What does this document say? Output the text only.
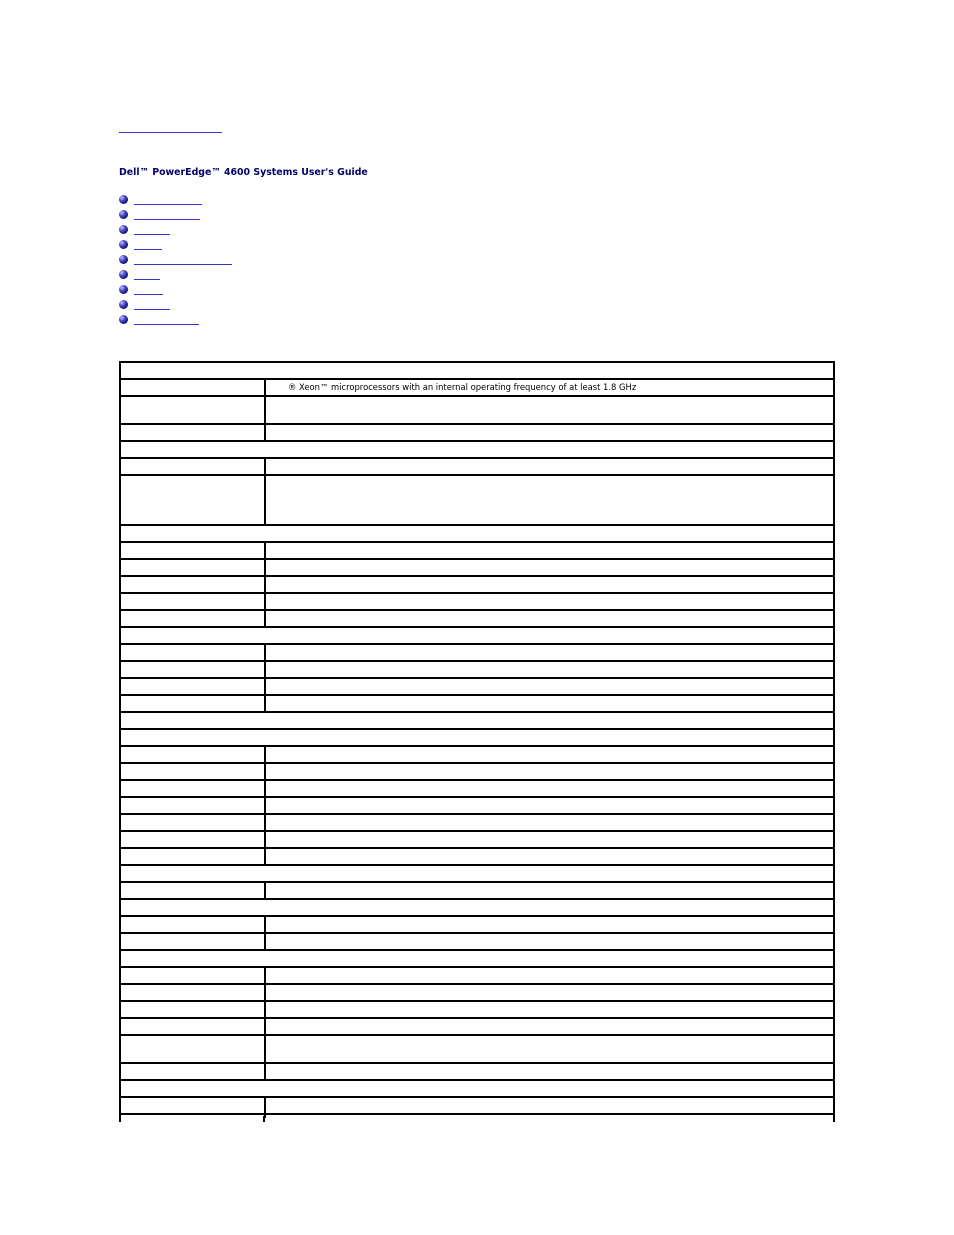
Dell™ PowerEdge™ 4600 Systems User's Guide

	® Xeon™ microprocessors with an internal operating frequency of at least 1.8 GHz
